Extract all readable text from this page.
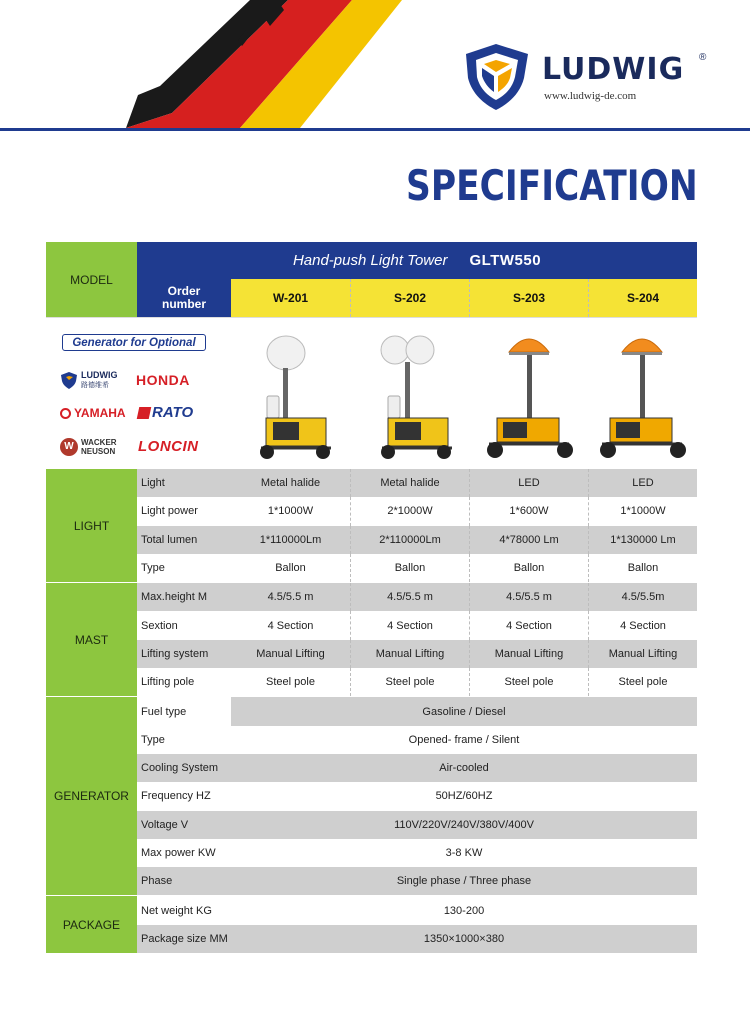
LUDWIG ®
www.ludwig-de.com
SPECIFICATION
MODEL
Hand-push Light Tower GLTW550
Order
number	W-201	S-202	S-203	S-204
Generator for Optional
LUDWIG
路德维希	HONDA
YAMAHA RATO
W WACKER
NEUSON LONCIN
LIGHT
Light	Metal halide	Metal halide	LED	LED
Light power	1*1000W	2*1000W	1*600W	1*1000W
Total lumen	1*110000Lm	2*110000Lm	4*78000 Lm	1*130000 Lm
Type	Ballon	Ballon	Ballon	Ballon
MAST
Max.height M	4.5/5.5 m	4.5/5.5 m	4.5/5.5 m	4.5/5.5m
Sextion	4 Section	4 Section	4 Section	4 Section
Lifting system	Manual Lifting	Manual Lifting	Manual Lifting	Manual Lifting
Lifting pole	Steel pole	Steel pole	Steel pole	Steel pole
GENERATOR
Fuel type	Gasoline / Diesel
Type	Opened- frame / Silent
Cooling System	Air-cooled
Frequency HZ	50HZ/60HZ
Voltage V	110V/220V/240V/380V/400V
Max power KW	3-8 KW
Phase	Single phase / Three phase
PACKAGE
Net weight KG	130-200
Package size MM	1350×1000×380
